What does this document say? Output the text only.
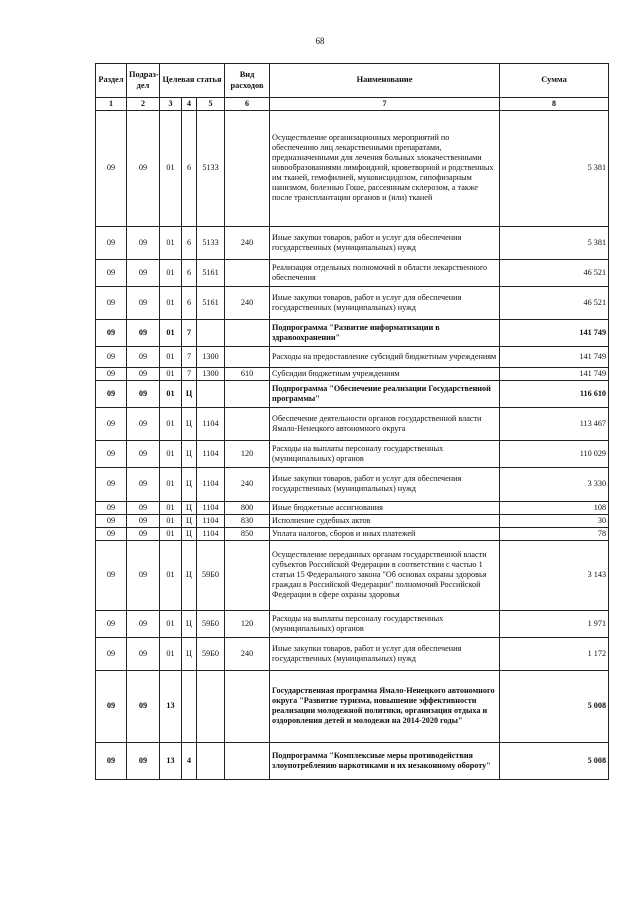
68
Раздел	Подраз-дел	Целевая статья			Вид расходов	Наименование	Сумма
1	2	3	4	5	6	7	8
09	09	01	6	5133		Осуществление организационных мероприятий по обеспечению лиц лекарственными препаратами, предназначенными для лечения больных злокачественными новообразованиями лимфоидной, кроветворной и родственных им тканей, гемофилией, муковисцидозом, гипофизарным нанизмом, болезнью Гоше, рассеянным склерозом, а также после трансплантации органов и (или) тканей	5 381
09	09	01	6	5133	240	Иные закупки товаров, работ и услуг для обеспечения государственных (муниципальных) нужд	5 381
09	09	01	6	5161		Реализация отдельных полномочий в области лекарственного обеспечения	46 521
09	09	01	6	5161	240	Иные закупки товаров, работ и услуг для обеспечения государственных (муниципальных) нужд	46 521
09	09	01	7			Подпрограмма "Развитие информатизации в здравоохранении"	141 749
09	09	01	7	1300		Расходы на предоставление субсидий бюджетным учреждениям	141 749
09	09	01	7	1300	610	Субсидии бюджетным учреждениям	141 749
09	09	01	Ц			Подпрограмма "Обеспечение реализации Государственной программы"	116 610
09	09	01	Ц	1104		Обеспечение деятельности органов государственной власти Ямало-Ненецкого автономного округа	113 467
09	09	01	Ц	1104	120	Расходы на выплаты персоналу государственных (муниципальных) органов	110 029
09	09	01	Ц	1104	240	Иные закупки товаров, работ и услуг для обеспечения государственных (муниципальных) нужд	3 330
09	09	01	Ц	1104	800	Иные бюджетные ассигнования	108
09	09	01	Ц	1104	830	Исполнение судебных актов	30
09	09	01	Ц	1104	850	Уплата налогов, сборов и иных платежей	78
09	09	01	Ц	59Б0		Осуществление переданных органам государственной власти субъектов Российской Федерации в соответствии с частью 1 статьи 15 Федерального закона "Об основах охраны здоровья граждан в Российской Федерации" полномочий Российской Федерации в сфере охраны здоровья	3 143
09	09	01	Ц	59Б0	120	Расходы на выплаты персоналу государственных (муниципальных) органов	1 971
09	09	01	Ц	59Б0	240	Иные закупки товаров, работ и услуг для обеспечения государственных (муниципальных) нужд	1 172
09	09	13				Государственная программа Ямало-Ненецкого автономного округа "Развитие туризма, повышение эффективности реализации молодежной политики, организация отдыха и оздоровления детей и молодежи на 2014-2020 годы"	5 008
09	09	13	4			Подпрограмма "Комплексные меры противодействия злоупотреблению наркотиками и их незаконному обороту"	5 008
